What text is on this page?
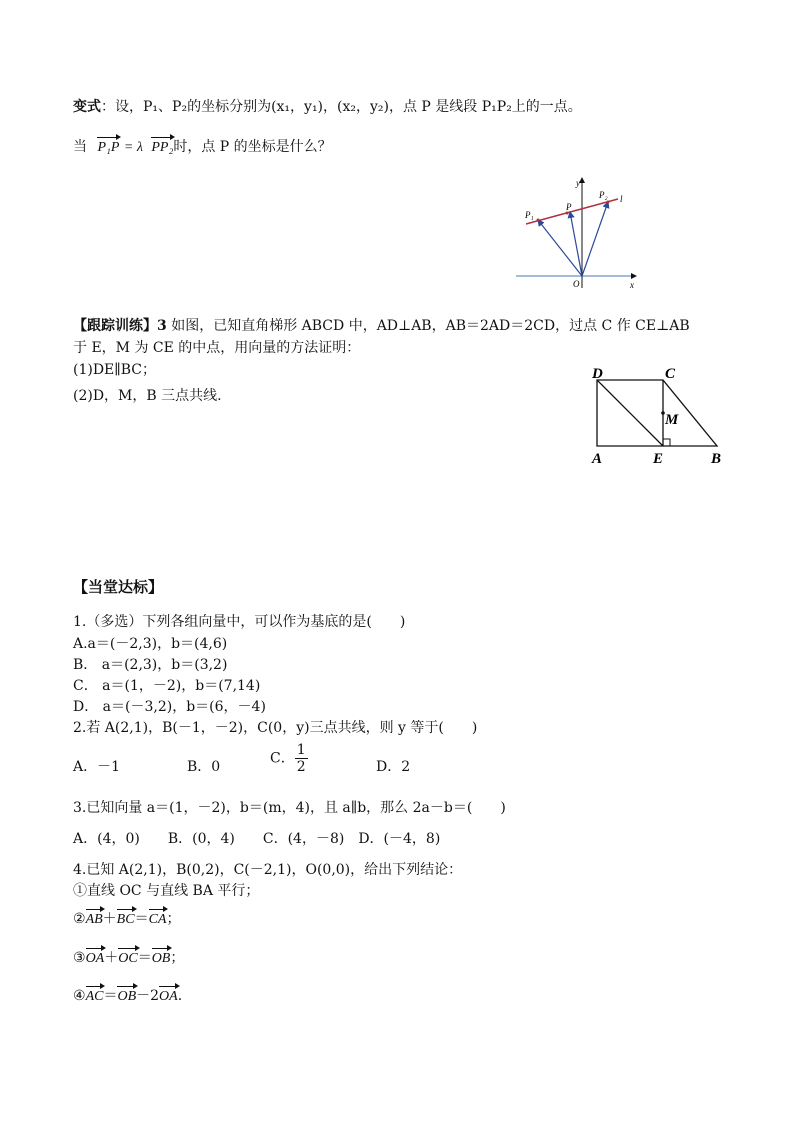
变式：设，P₁、P₂的坐标分别为(x₁，y₁)，(x₂，y₂)，点 P 是线段 P₁P₂上的一点。
当 P₁P = λ PP₂时，点 P 的坐标是什么？
y
x
O
P₁
P
P₂ l
【跟踪训练】3 如图，已知直角梯形 ABCD 中，AD⊥AB，AB＝2AD＝2CD，过点 C 作 CE⊥AB
于 E，M 为 CE 的中点，用向量的方法证明：
(1)DE∥BC；
(2)D，M，B 三点共线.
D	C
M
A	E	B
【当堂达标】
1.（多选）下列各组向量中，可以作为基底的是(　　)
A.a＝(－2,3)，b＝(4,6)
B． a＝(2,3)，b＝(3,2)
C． a＝(1，－2)，b＝(7,14)
D． a＝(－3,2)，b＝(6，－4)
2.若 A(2,1)，B(－1，－2)，C(0，y)三点共线，则 y 等于(　　)
A．－1	B．0
C． $\frac{1}{2}$	D．2
3.已知向量 a＝(1，－2)，b＝(m，4)，且 a∥b，那么 2a－b＝(　　)
A．(4，0)　　B．(0，4)　　C．(4，－8)　D．(－4，8)
4.已知 A(2,1)，B(0,2)，C(－2,1)，O(0,0)，给出下列结论：
①直线 OC 与直线 BA 平行；
②AB＋BC＝CA；
③OA＋OC＝OB；
④AC＝OB－2OA.
